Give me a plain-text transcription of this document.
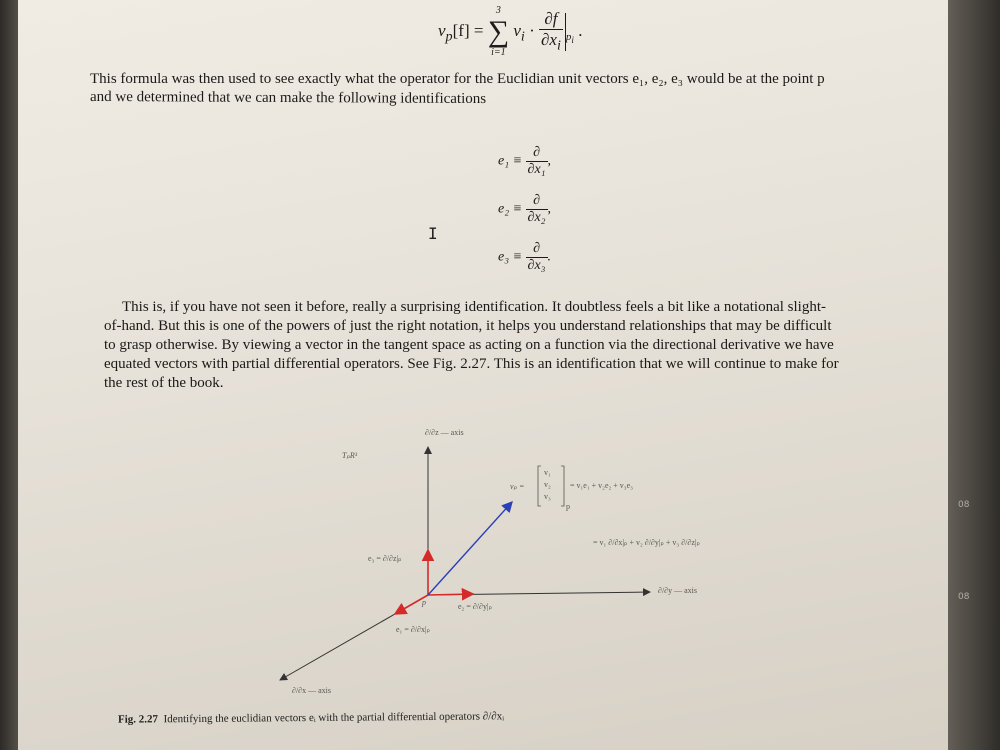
08
08
$v_p[f]$ =
3
∑
i=1
$v_i \cdot \frac{\partial f}{\partial x_i} _{p_i}$ .
This formula was then used to see exactly what the operator for the Euclidian unit vectors e₁, e₂, e₃ would be at the point p
and we determined that we can make the following identifications
$e_1 \equiv \frac{\partial}{\text{∂x₁}}$ ,
$e_2 \equiv \frac{\partial}{\text{∂x₂}}$ ,
$e_3 \equiv \frac{\partial}{\text{∂x₃}}$ .
I
This is, if you have not seen it before, really a surprising identification. It doubtless feels a bit like a notational slight-
of-hand. But this is one of the powers of just the right notation, it helps you understand relationships that may be difficult
to grasp otherwise. By viewing a vector in the tangent space as acting on a function via the directional derivative we have
equated vectors with partial differential operators. See Fig. 2.27. This is an identification that we will continue to make for
the rest of the book.
∂/∂z — axis
∂/∂y — axis
∂/∂x — axis
TₚR³
p
vₚ =
v₁
v₂
v₃
p
= v₁e₁ + v₂e₂ + v₃e₃
= v₁ ∂/∂x|ₚ + v₂ ∂/∂y|ₚ + v₃ ∂/∂z|ₚ
e₃ = ∂/∂z|ₚ
e₂ = ∂/∂y|ₚ
e₁ = ∂/∂x|ₚ
Fig. 2.27 Identifying the euclidian vectors eᵢ with the partial differential operators ∂/∂xᵢ
